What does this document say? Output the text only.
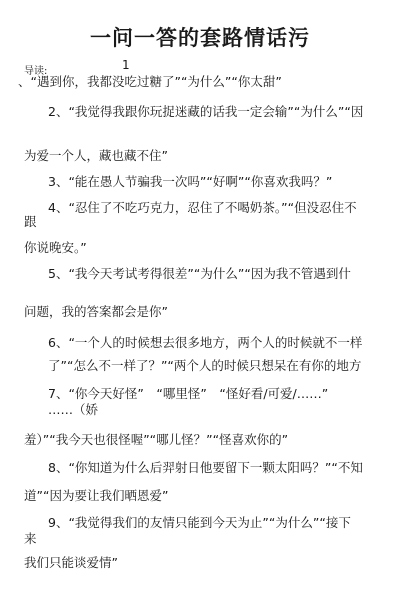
一问一答的套路情话污
导读:	1
、“遇到你，我都没吃过糖了”“为什么”“你太甜”
2、“我觉得我跟你玩捉迷藏的话我一定会输”“为什么”“因
为爱一个人，藏也藏不住”
3、“能在愚人节骗我一次吗”“好啊”“你喜欢我吗？”
4、“忍住了不吃巧克力，忍住了不喝奶茶。”“但没忍住不
跟
你说晚安。”
5、“我今天考试考得很差”“为什么”“因为我不管遇到什
问题，我的答案都会是你”
6、“一个人的时候想去很多地方，两个人的时候就不一样
了”“怎么不一样了？”“两个人的时候只想呆在有你的地方
7、“你今天好怪”　“哪里怪”　“怪好看/可爱/……”
……（娇
羞）”“我今天也很怪喔”“哪儿怪？”“怪喜欢你的”
8、“你知道为什么后羿射日他要留下一颗太阳吗？”“不知
道”“因为要让我们晒恩爱”
9、“我觉得我们的友情只能到今天为止”“为什么”“接下
来
我们只能谈爱情”
